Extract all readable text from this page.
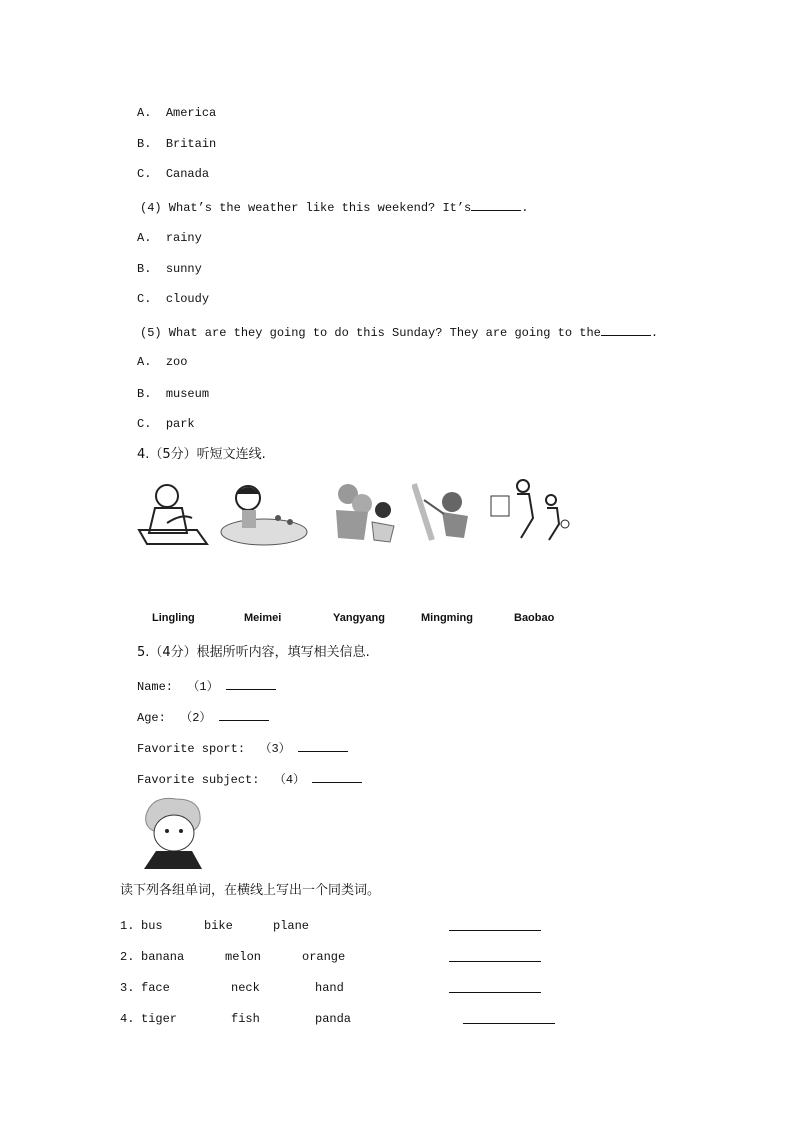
A. America
B. Britain
C. Canada
(4) What’s the weather like this weekend? It’s	.
A. rainy
B. sunny
C. cloudy
(5) What are they going to do this Sunday? They are going to the	.
A. zoo
B. museum
C. park
4.（5分）听短文连线.
Lingling	Meimei	Yangyang	Mingming	Baobao
5.（4分）根据所听内容，填写相关信息.
Name: （1）
Age: （2）
Favorite sport: （3）
Favorite subject: （4）
读下列各组单词，在横线上写出一个同类词。
1. bus	bike	plane
2. banana	melon	orange
3. face	neck	hand
4. tiger	fish	panda
